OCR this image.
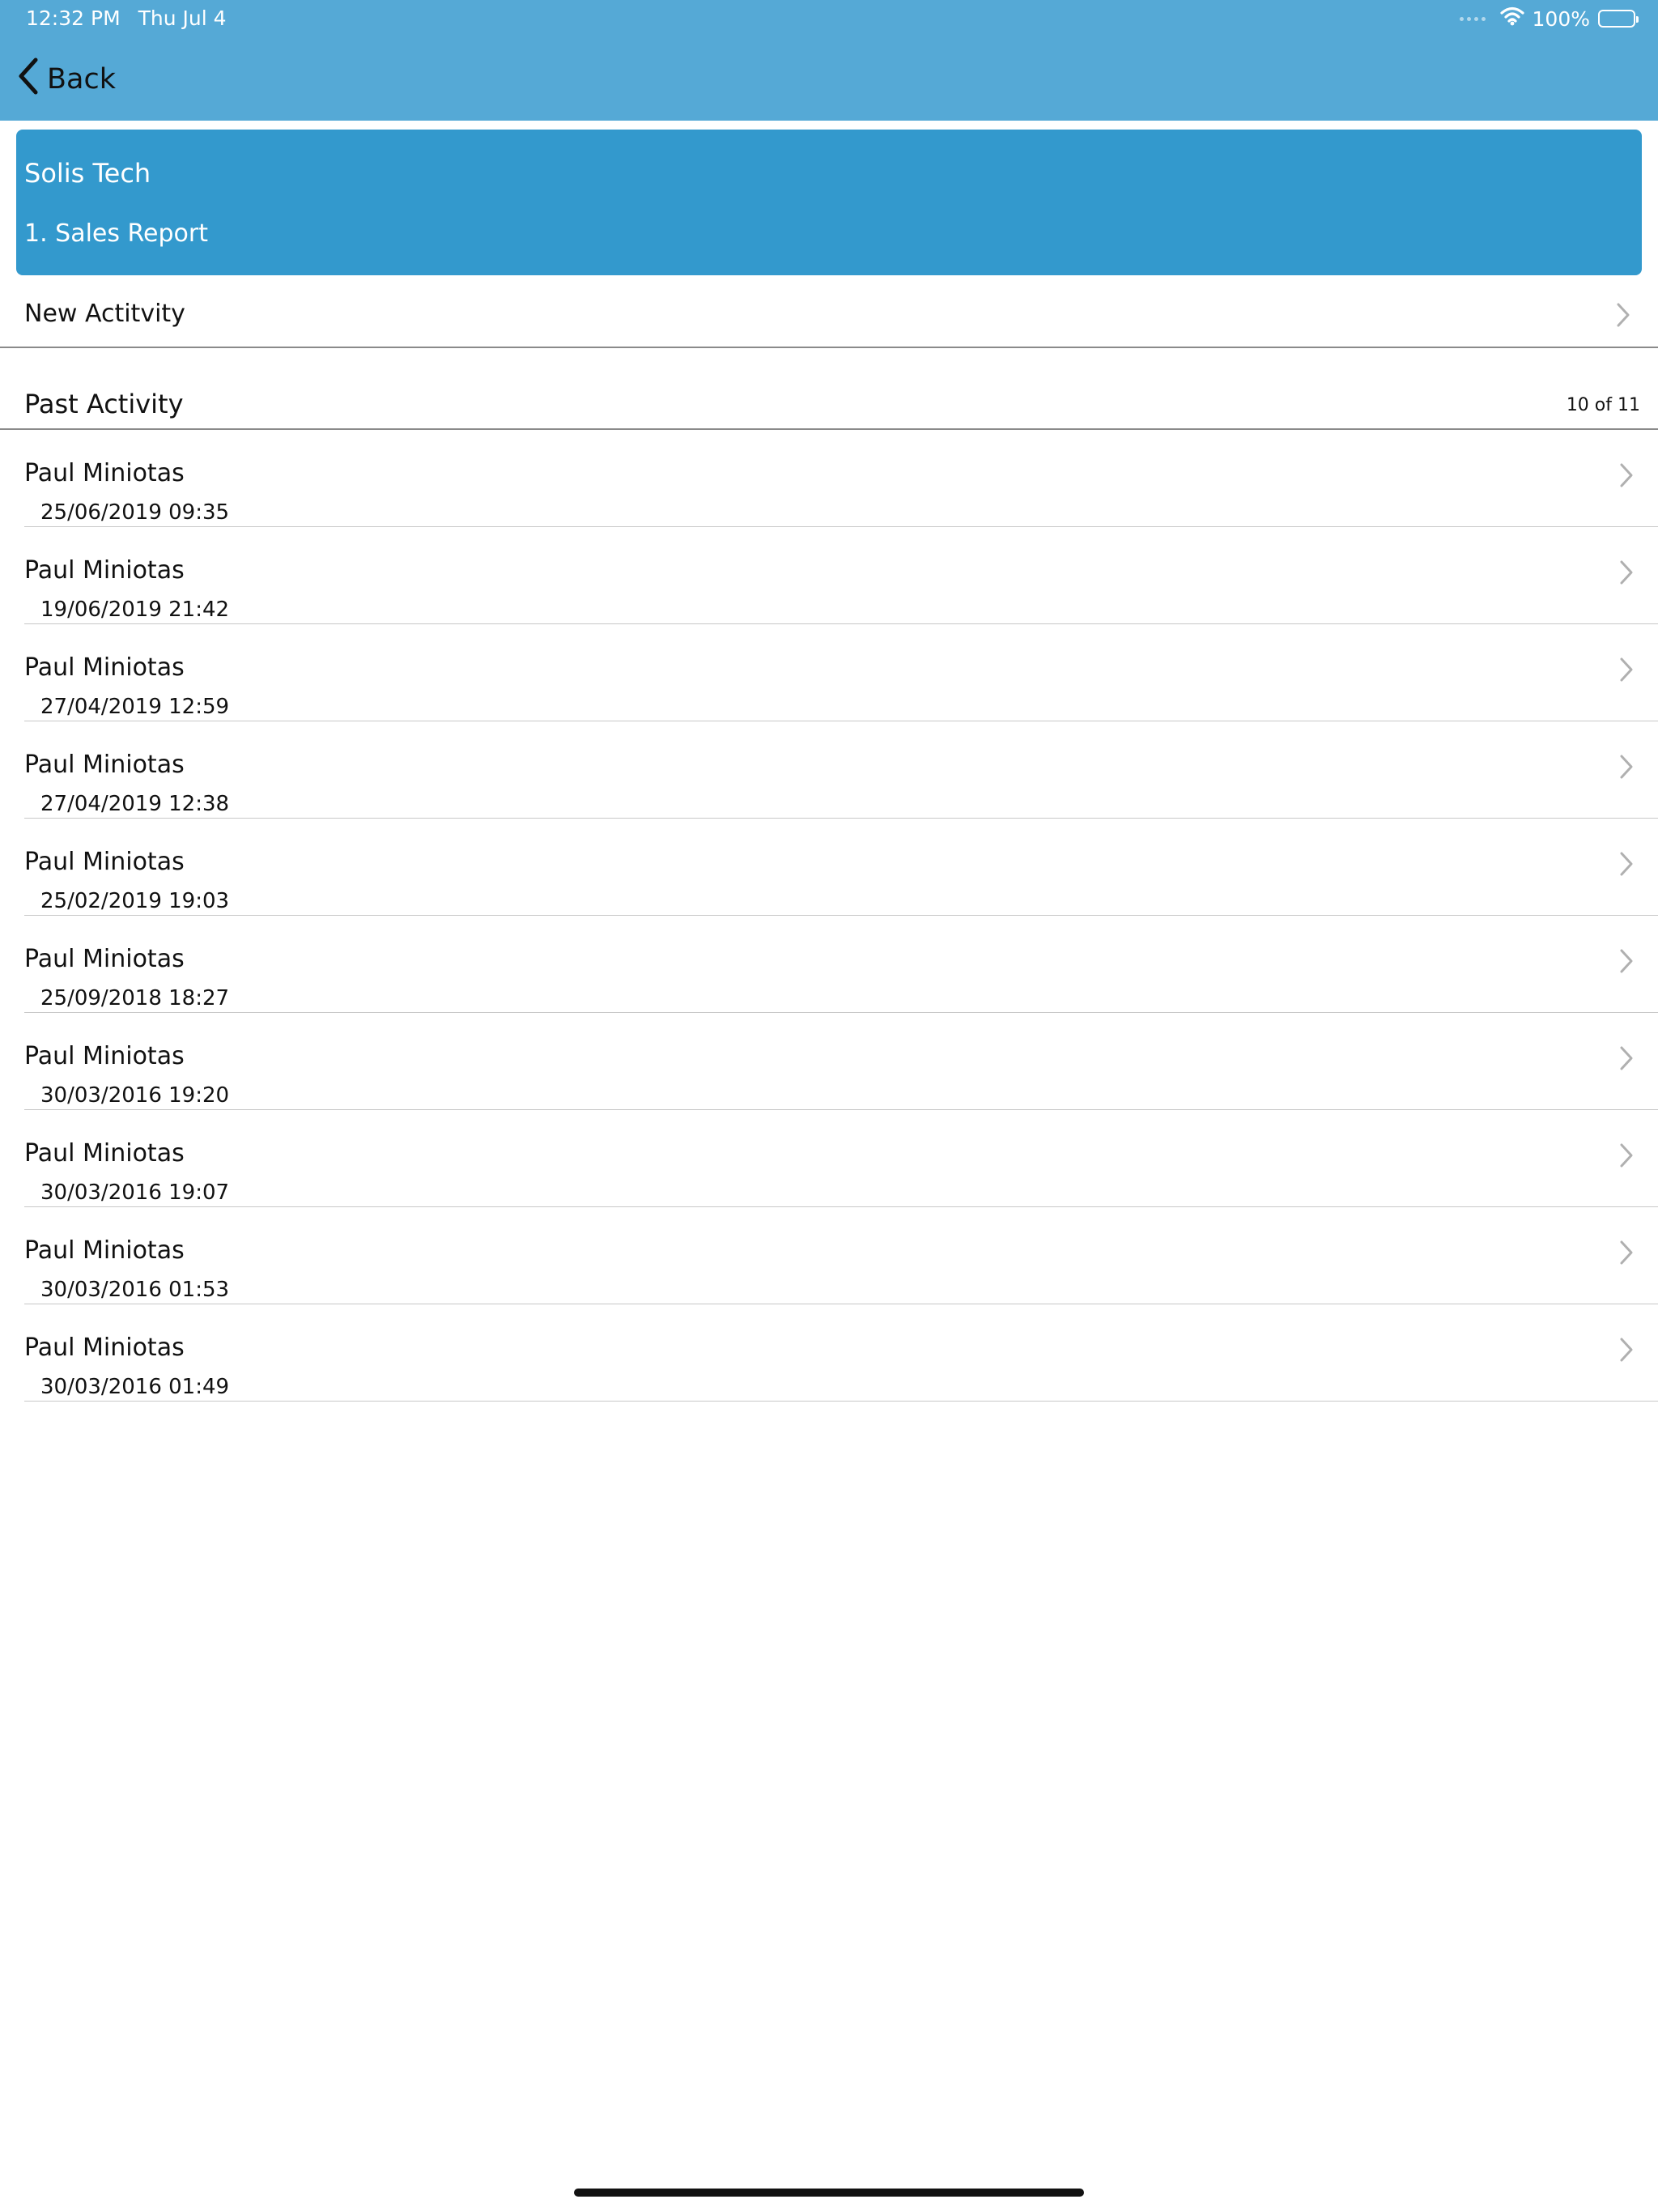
12:32 PM Thu Jul 4	100%
Back
Solis Tech
1. Sales Report
New Actitvity
Past Activity	10 of 11
Paul Miniotas
25/06/2019 09:35
Paul Miniotas
19/06/2019 21:42
Paul Miniotas
27/04/2019 12:59
Paul Miniotas
27/04/2019 12:38
Paul Miniotas
25/02/2019 19:03
Paul Miniotas
25/09/2018 18:27
Paul Miniotas
30/03/2016 19:20
Paul Miniotas
30/03/2016 19:07
Paul Miniotas
30/03/2016 01:53
Paul Miniotas
30/03/2016 01:49
